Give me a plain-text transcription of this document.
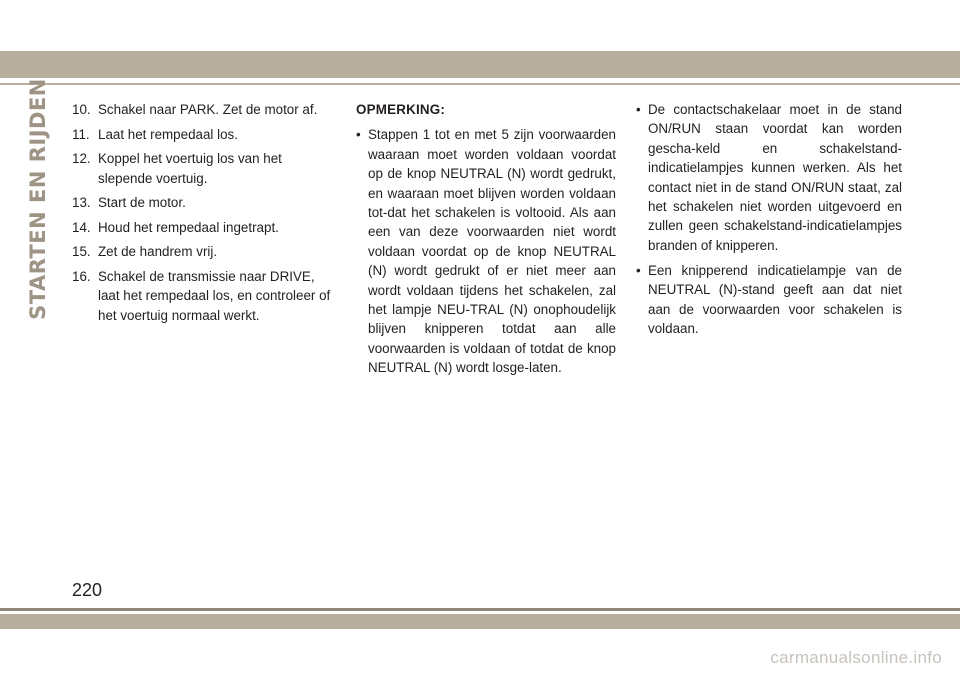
STARTEN EN RIJDEN 10. Schakel naar PARK. Zet de motor af.
11. Laat het rempedaal los.
12. Koppel het voertuig los van het slepende voertuig.
13. Start de motor.
14. Houd het rempedaal ingetrapt.
15. Zet de handrem vrij.
16. Schakel de transmissie naar DRIVE, laat het rempedaal los, en controleer of het voertuig normaal werkt.
OPMERKING:
• Stappen 1 tot en met 5 zijn voorwaarden waaraan moet worden voldaan voordat op de knop NEUTRAL (N) wordt gedrukt, en waaraan moet blijven worden voldaan tot-dat het schakelen is voltooid. Als aan een van deze voorwaarden niet wordt voldaan voordat op de knop NEUTRAL (N) wordt gedrukt of er niet meer aan wordt voldaan tijdens het schakelen, zal het lampje NEU-TRAL (N) onophoudelijk blijven knipperen totdat aan alle voorwaarden is voldaan of totdat de knop NEUTRAL (N) wordt losge-laten.
• De contactschakelaar moet in de stand ON/RUN staan voordat kan worden gescha-keld en schakelstand-indicatielampjes kunnen werken. Als het contact niet in de stand ON/RUN staat, zal het schakelen niet worden uitgevoerd en zullen geen schakelstand-indicatielampjes branden of knipperen.
• Een knipperend indicatielampje van de NEUTRAL (N)-stand geeft aan dat niet aan de voorwaarden voor schakelen is voldaan.
220
carmanualsonline.info
